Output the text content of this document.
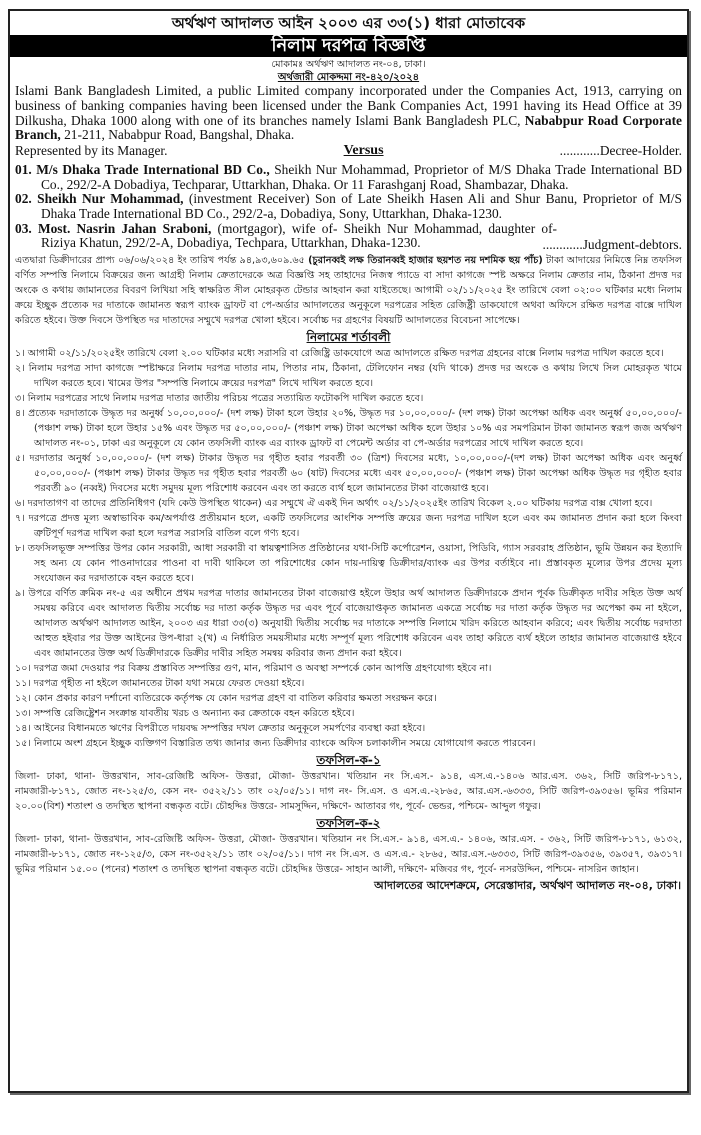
অর্থঋণ আদালত আইন ২০০৩ এর ৩৩(১) ধারা মোতাবেক
নিলাম দরপত্র বিজ্ঞপ্তি
মোকামঃ অর্থঋণ আদালত নং-০৪, ঢাকা।
অর্থজারী মোকদ্দমা নং-৪২০/২০২৪
Islami Bank Bangladesh Limited, a public Limited company incorporated under the Companies Act, 1913, carrying on business of banking companies having been licensed under the Bank Companies Act, 1991 having its Head Office at 39 Dilkusha, Dhaka 1000 along with one of its branches namely Islami Bank Bangladesh PLC, Nababpur Road Corporate Branch, 21-211, Nababpur Road, Bangshal, Dhaka.
Represented by its Manager.	Versus	............Decree-Holder.
01. M/s Dhaka Trade International BD Co., Sheikh Nur Mohammad, Proprietor of M/S Dhaka Trade International BD Co., 292/2-A Dobadiya, Techparar, Uttarkhan, Dhaka. Or 11 Farashganj Road, Shambazar, Dhaka.
02. Sheikh Nur Mohammad, (investment Receiver) Son of Late Sheikh Hasen Ali and Shur Banu, Proprietor of M/S Dhaka Trade International BD Co., 292/2-a, Dobadiya, Sony, Uttarkhan, Dhaka-1230.
03. Most. Nasrin Jahan Sraboni, (mortgagor), wife of- Sheikh Nur Mohammad, daughter of- Riziya Khatun, 292/2-A, Dobadiya, Techpara, Uttarkhan, Dhaka-1230.	............Judgment-debtors.
এতদ্বারা ডিক্রীদারের প্রাপ্য ০৬/০৬/২০২৪ ইং তারিখ পর্যন্ত ৯৪,৯৩,৬০৯.৬৫ (চুরানব্বই লক্ষ তিরানব্বই হাজার ছয়শত নয় দশমিক ছয় পাঁচ) টাকা আদায়ের নিমিত্তে নিম্ন তফসিল বর্ণিত সম্পত্তি নিলামে বিক্রয়ের জন্য আগ্রহী নিলাম ক্রেতাদেরকে অত্র বিজ্ঞপ্তি সহ তাহাদের নিজস্ব প্যাডে বা সাদা কাগজে স্পষ্ট অক্ষরে নিলাম ক্রেতার নাম, ঠিকানা প্রদত্ত দর অংকে ও কথায় জামানতের বিবরণ লিখিয়া সহি স্বাক্ষরিত সীল মোহরকৃত টেন্ডার আহবান করা যাইতেছে। আগামী ০২/১১/২০২৫ ইং তারিখে বেলা ০২:০০ ঘটিকার মধ্যে নিলাম ক্রয়ে ইচ্ছুক প্রত্যেক দর দাতাকে জামানত স্বরূপ ব্যাংক ড্রাফট বা পে-অর্ডার আদালতের অনুকূলে দরপত্রের সহিত রেজিষ্ট্রী ডাকযোগে অথবা অফিসে রক্ষিত দরপত্র বাক্সে দাখিল করিতে হইবে। উক্ত দিবসে উপস্থিত দর দাতাদের সম্মুখে দরপত্র খোলা হইবে। সর্বোচ্চ দর গ্রহণের বিষয়টি আদালতের বিবেচনা সাপেক্ষে।
নিলামের শর্তাবলী
১। আগামী ০২/১১/২০২৫ইং তারিখে বেলা ২.০০ ঘটিকার মধ্যে সরাসরি বা রেজিষ্ট্রি ডাকযোগে অত্র আদালতে রক্ষিত দরপত্র গ্রহনের বাক্সে নিলাম দরপত্র দাখিল করতে হবে।
২। নিলাম দরপত্র সাদা কাগজে স্পষ্টাক্ষরে নিলাম দরপত্র দাতার নাম, পিতার নাম, ঠিকানা, টেলিফোন নম্বর (যদি থাকে) প্রদত্ত দর অংকে ও কথায় লিখে সিল মোহরকৃত খামে দাখিল করতে হবে। খামের উপর "সম্পত্তি নিলামে ক্রয়ের দরপত্র" লিখে দাখিল করতে হবে।
৩। নিলাম দরপত্রের সাথে নিলাম দরপত্র দাতার জাতীয় পরিচয় পত্রের সত্যায়িত ফটোকপি দাখিল করতে হবে।
৪। প্রত্যেক দরদাতাকে উদ্ধৃত দর অনুর্ধ্ব ১০,০০,০০০/- (দশ লক্ষ) টাকা হলে উহার ২০%, উদ্ধৃত দর ১০,০০,০০০/- (দশ লক্ষ) টাকা অপেক্ষা অধিক এবং অনুর্ধ্ব ৫০,০০,০০০/-(পঞ্চাশ লক্ষ) টাকা হলে উহার ১৫% এবং উদ্ধৃত দর ৫০,০০,০০০/- (পঞ্চাশ লক্ষ) টাকা অপেক্ষা অধিক হলে উহার ১০% এর সমপরিমান টাকা জামানত স্বরূপ জজ অর্থঋণ আদালত নং-০১, ঢাকা এর অনুকূলে যে কোন তফসিলী ব্যাংক এর ব্যাংক ড্রাফট বা পেমেন্ট অর্ডার বা পে-অর্ডার দরপত্রের সাথে দাখিল করতে হবে।
৫। দরদাতার অনুর্ধ্ব ১০,০০,০০০/- (দশ লক্ষ) টাকার উদ্ধৃত দর গৃহীত হবার পরবর্তী ৩০ (ত্রিশ) দিবসের মধ্যে, ১০,০০,০০০/-(দশ লক্ষ) টাকা অপেক্ষা অধিক এবং অনুর্ধ্ব ৫০,০০,০০০/- (পঞ্চাশ লক্ষ) টাকার উদ্ধৃত দর গৃহীত হবার পরবর্তী ৬০ (ষাট) দিবসের মধ্যে এবং ৫০,০০,০০০/- (পঞ্চাশ লক্ষ) টাকা অপেক্ষা অধিক উদ্ধৃত দর গৃহীত হবার পরবর্তী ৯০ (নব্বই) দিবসের মধ্যে সমুদয় মূল্য পরিশোধ করবেন এবং তা করতে ব্যর্থ হলে জামানতের টাকা বাজেয়াপ্ত হবে।
৬। দরদাতাগণ বা তাদের প্রতিনিধিগণ (যদি কেউ উপস্থিত থাকেন) এর সম্মুখে ঐ একই দিন অর্থাৎ ০২/১১/২০২৫ইং তারিখ বিকেল ২.০০ ঘটিকায় দরপত্র বাক্স খোলা হবে।
৭। দরপত্রে প্রদত্ত মূল্য অস্বাভাবিক কম/অপর্যাপ্ত প্রতীয়মান হলে, একটি তফসিলের আংশিক সম্পত্তি ক্রয়ের জন্য দরপত্র দাখিল হলে এবং কম জামানত প্রদান করা হলে কিংবা ত্রুটিপূর্ণ দরপত্র দাখিল করা হলে দরপত্র সরাসরি বাতিল বলে গণ্য হবে।
৮। তফসিলভূক্ত সম্পত্তির উপর কোন সরকারী, আধা সরকারী বা স্বায়ত্বশাসিত প্রতিষ্ঠানের যথা-সিটি কর্পোরেশন, ওয়াসা, পিডিবি, গ্যাস সরবরাহ প্রতিষ্ঠান, ভূমি উন্নয়ন কর ইত্যাদি সহ অন্য যে কোন পাওনাদারের পাওনা বা দাবী থাকিলে তা পরিশোধের কোন দায়-দায়িত্ব ডিক্রীদার/ব্যাংক এর উপর বর্তাইবে না। প্রস্তাবকৃত মূল্যের উপর প্রদেয় মূল্য সংযোজন কর দরদাতাকে বহন করতে হবে।
৯। উপরে বর্ণিত ক্রমিক নং-৫ এর অধীনে প্রথম দরপত্র দাতার জামানতের টাকা বাজেয়াপ্ত হইলে উহার অর্থ আদালত ডিক্রীদারকে প্রদান পূর্বক ডিক্রীকৃত দাবীর সহিত উক্ত অর্থ সমন্বয় করিবে এবং আদালত দ্বিতীয় সর্বোচ্চ দর দাতা কর্তৃক উদ্ধৃত দর এবং পূর্বে বাজেয়াপ্তকৃত জামানত একত্রে সর্বোচ্চ দর দাতা কর্তৃক উদ্ধৃত দর অপেক্ষা কম না হইলে, আদালত অর্থঋণ আদালত আইন, ২০০৩ এর ধারা ৩৩(৩) অনুযায়ী দ্বিতীয় সর্বোচ্চ দর দাতাকে সম্পত্তি নিলামে খরিদ করিতে আহবান করিবে; এবং দ্বিতীয় সর্বোচ্চ দরদাতা আহুত হইবার পর উক্ত আইনের উপ-ধারা ২(খ) এ নির্ধারিত সময়সীমার মধ্যে সম্পূর্ণ মূল্য পরিশোধ করিবেন এবং তাহা করিতে ব্যর্থ হইলে তাহার জামানত বাজেয়াপ্ত হইবে এবং জামানতের উক্ত অর্থ ডিক্রীদারকে ডিক্রীর দাবীর সহিত সমন্বয় করিবার জন্য প্রদান করা হইবে।
১০। দরপত্র জমা দেওয়ার পর বিক্রয় প্রস্তাবিত সম্পত্তির গুণ, মান, পরিমাণ ও অবস্থা সম্পর্কে কোন আপত্তি গ্রহণযোগ্য হইবে না।
১১। দরপত্র গৃহীত না হইলে জামানতের টাকা যথা সময়ে ফেরত দেওয়া হইবে।
১২। কোন প্রকার কারণ দর্শানো ব্যতিরেকে কর্তৃপক্ষ যে কোন দরপত্র গ্রহণ বা বাতিল করিবার ক্ষমতা সংরক্ষন করে।
১৩। সম্পত্তি রেজিষ্ট্রেশন সংক্রান্ত যাবতীয় খরচ ও অন্যান্য কর ক্রেতাকে বহন করিতে হইবে।
১৪। আইনের বিধানমতে ঋণের বিপরীতে দায়বদ্ধ সম্পত্তির দখল ক্রেতার অনুকূলে সমর্পণের ব্যবস্থা করা হইবে।
১৫। নিলামে অংশ গ্রহনে ইচ্ছুক ব্যক্তিগণ বিস্তারিত তথ্য জানার জন্য ডিক্রীদার ব্যাংকে অফিস চলাকালীন সময়ে যোগাযোগ করতে পারবেন।
তফসিল-ক-১
জিলা- ঢাকা, থানা- উত্তরখান, সাব-রেজিষ্টি অফিস- উত্তরা, মৌজা- উত্তরখান। খতিয়ান নং সি.এস.- ৯১৪, এস.এ.-১৪০৬ আর.এস. ৩৬২, সিটি জরিপ-৮১৭১, নামজারী-৮১৭১, জোত নং-১২৫/৩, কেস নং- ৩৫২২/১১ তাং ০২/০৫/১১। দাগ নং- সি.এস. ও এস.এ.-২৮৬৫, আর.এস.-৬৩৩৩, সিটি জরিপ-৩৯৩৫৬। ভূমির পরিমান ২০.০০(বিশ) শতাংশ ও তদস্থিত স্থাপনা বন্ধকৃত বটে। চৌহদ্দিঃ উত্তরে- সামসুদ্দিন, দক্ষিণে- আতাবর গং, পূর্বে- ভেন্ডর, পশ্চিমে- আব্দুল গফুর।
তফসিল-ক-২
জিলা- ঢাকা, থানা- উত্তরখান, সাব-রেজিষ্টি অফিস- উত্তরা, মৌজা- উত্তরখান। খতিয়ান নং সি.এস.- ৯১৪, এস.এ.- ১৪০৬, আর.এস. - ৩৬২, সিটি জরিপ-৮১৭১, ৬১৩২, নামজারী-৮১৭১, জোত নং-১২৫/৩, কেস নং-৩৫২২/১১ তাং ০২/০৫/১১। দাগ নং সি.এস. ও এস.এ.- ২৮৬৫, আর.এস.-৬৩৩৩, সিটি জরিপ-৩৯৩৫৬, ৩৯৩৫৭, ৩৯৩১৭। ভূমির পরিমান ১৫.০০ (পনের) শতাংশ ও তদস্থিত স্থাপনা বন্ধকৃত বটে। চৌহদ্দিঃ উত্তরে- সাহান আলী, দক্ষিণে- মজিবর গং, পূর্বে- নসরউদ্দিন, পশ্চিমে- নাসরিন জাহান।
আদালতের আদেশক্রমে, সেরেস্তাদার, অর্থঋণ আদালত নং-০৪, ঢাকা।
